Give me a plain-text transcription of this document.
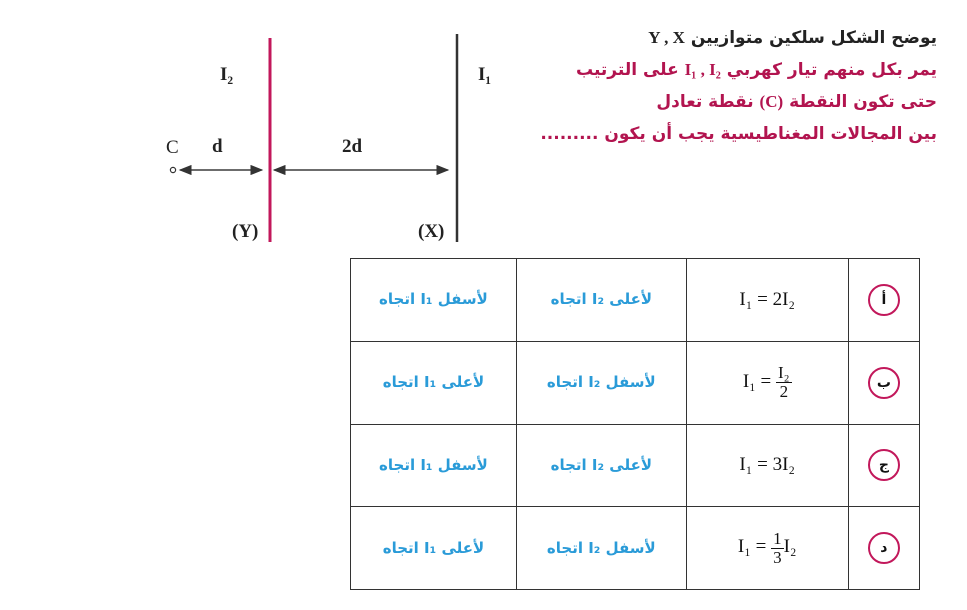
يوضح الشكل سلكين متوازيين Y , X
يمر بكل منهم تيار كهربي I₁ , I₂ على الترتيب
حتى تكون النقطة (C) نقطة تعادل
بين المجالات المغناطيسية يجب أن يكون .........
I₂	I₁
C d	2d
(Y)	(X)
اتجاه I₁ لأسفل	اتجاه I₂ لأعلى	I₁ = 2I₂	أ
اتجاه I₁ لأعلى	اتجاه I₂ لأسفل	$I_1 = \frac{\text{I₂}}{2}$	ب
اتجاه I₁ لأسفل	اتجاه I₂ لأعلى	I₁ = 3I₂	ج
اتجاه I₁ لأعلى	اتجاه I₂ لأسفل	$I_1 = \frac{1}{3} I_2$	د
